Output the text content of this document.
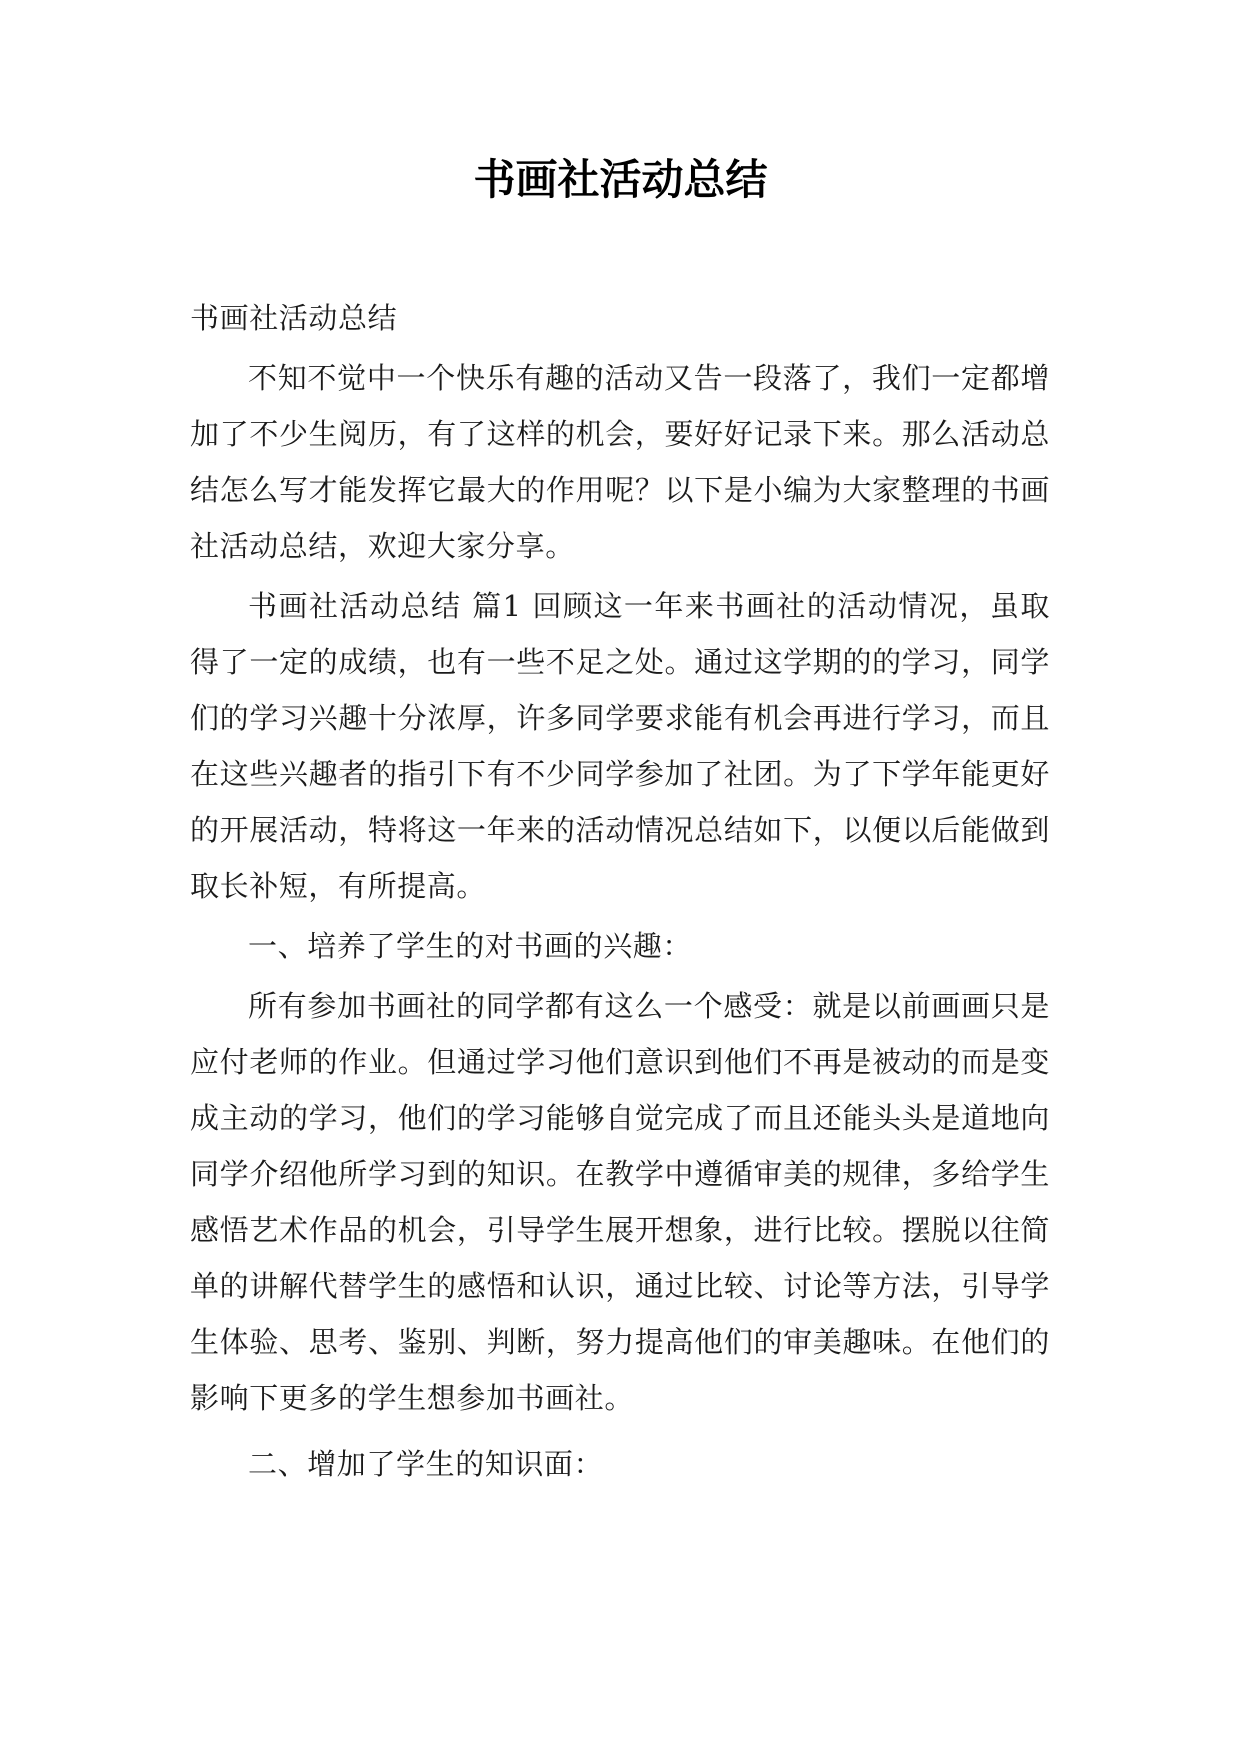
书画社活动总结

书画社活动总结

不知不觉中一个快乐有趣的活动又告一段落了，我们一定都增加了不少生阅历，有了这样的机会，要好好记录下来。那么活动总结怎么写才能发挥它最大的作用呢？以下是小编为大家整理的书画社活动总结，欢迎大家分享。

书画社活动总结 篇1 回顾这一年来书画社的活动情况，虽取得了一定的成绩，也有一些不足之处。通过这学期的的学习，同学们的学习兴趣十分浓厚，许多同学要求能有机会再进行学习，而且在这些兴趣者的指引下有不少同学参加了社团。为了下学年能更好的开展活动，特将这一年来的活动情况总结如下，以便以后能做到取长补短，有所提高。

一、培养了学生的对书画的兴趣：

所有参加书画社的同学都有这么一个感受：就是以前画画只是应付老师的作业。但通过学习他们意识到他们不再是被动的而是变成主动的学习，他们的学习能够自觉完成了而且还能头头是道地向同学介绍他所学习到的知识。在教学中遵循审美的规律，多给学生感悟艺术作品的机会，引导学生展开想象，进行比较。摆脱以往简单的讲解代替学生的感悟和认识，通过比较、讨论等方法，引导学生体验、思考、鉴别、判断，努力提高他们的审美趣味。在他们的影响下更多的学生想参加书画社。

二、增加了学生的知识面：
